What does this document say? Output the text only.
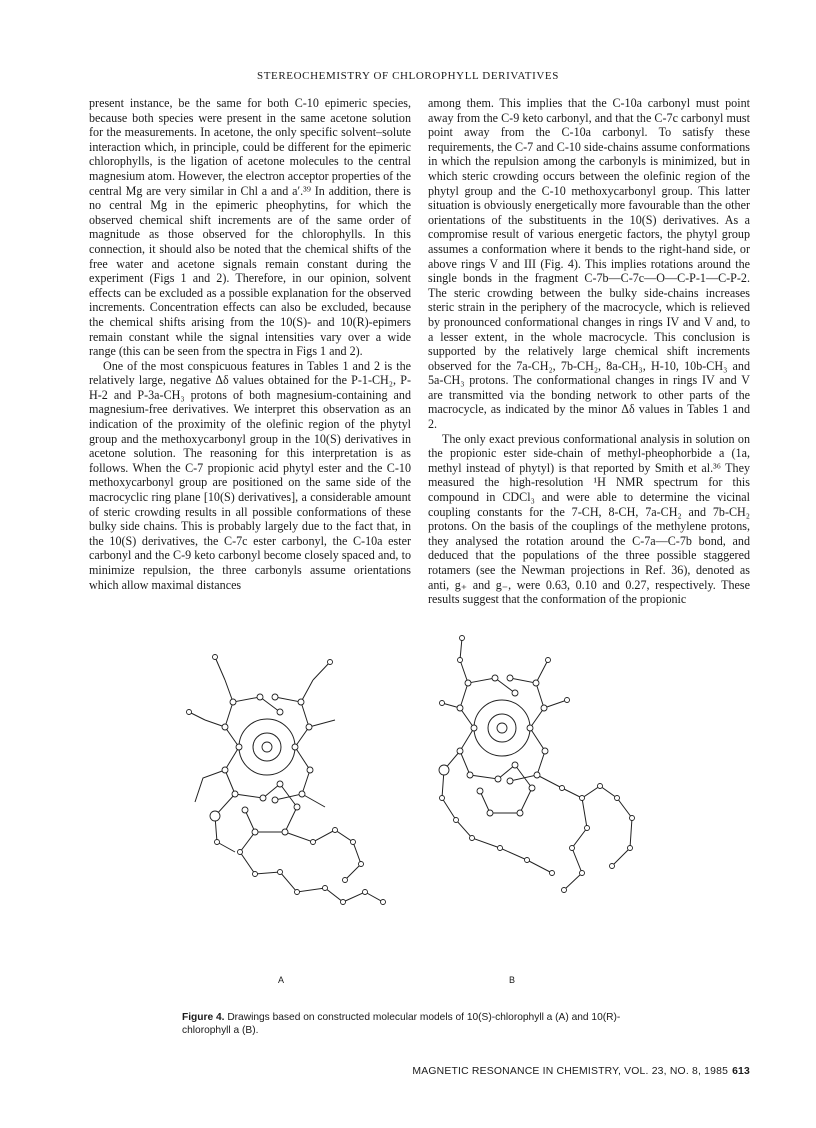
STEREOCHEMISTRY OF CHLOROPHYLL DERIVATIVES

present instance, be the same for both C-10 epimeric species, because both species were present in the same acetone solution for the measurements. In acetone, the only specific solvent–solute interaction which, in principle, could be different for the epimeric chlorophylls, is the ligation of acetone molecules to the central magnesium atom. However, the electron acceptor properties of the central Mg are very similar in Chl a and a′.³⁹ In addition, there is no central Mg in the epimeric pheophytins, for which the observed chemical shift increments are of the same order of magnitude as those observed for the chlorophylls. In this connection, it should also be noted that the chemical shifts of the free water and acetone signals remain constant during the experiment (Figs 1 and 2). Therefore, in our opinion, solvent effects can be excluded as a possible explanation for the observed increments. Concentration effects can also be excluded, because the chemical shifts arising from the 10(S)- and 10(R)-epimers remain constant while the signal intensities vary over a wide range (this can be seen from the spectra in Figs 1 and 2).

One of the most conspicuous features in Tables 1 and 2 is the relatively large, negative Δδ values obtained for the P-1-CH₂, P-H-2 and P-3a-CH₃ protons of both magnesium-containing and magnesium-free derivatives. We interpret this observation as an indication of the proximity of the olefinic region of the phytyl group and the methoxycarbonyl group in the 10(S) derivatives in acetone solution. The reasoning for this interpretation is as follows. When the C-7 propionic acid phytyl ester and the C-10 methoxycarbonyl group are positioned on the same side of the macrocyclic ring plane [10(S) derivatives], a considerable amount of steric crowding results in all possible conformations of these bulky side chains. This is probably largely due to the fact that, in the 10(S) derivatives, the C-7c ester carbonyl, the C-10a ester carbonyl and the C-9 keto carbonyl become closely spaced and, to minimize repulsion, the three carbonyls assume orientations which allow maximal distances

among them. This implies that the C-10a carbonyl must point away from the C-9 keto carbonyl, and that the C-7c carbonyl must point away from the C-10a carbonyl. To satisfy these requirements, the C-7 and C-10 side-chains assume conformations in which the repulsion among the carbonyls is minimized, but in which steric crowding occurs between the olefinic region of the phytyl group and the C-10 methoxycarbonyl group. This latter situation is obviously energetically more favourable than the other orientations of the substituents in the 10(S) derivatives. As a compromise result of various energetic factors, the phytyl group assumes a conformation where it bends to the right-hand side, or above rings V and III (Fig. 4). This implies rotations around the single bonds in the fragment C-7b—C-7c—O—C-P-1—C-P-2. The steric crowding between the bulky side-chains increases steric strain in the periphery of the macrocycle, which is relieved by pronounced conformational changes in rings IV and V and, to a lesser extent, in the whole macrocycle. This conclusion is supported by the relatively large chemical shift increments observed for the 7a-CH₂, 7b-CH₂, 8a-CH₃, H-10, 10b-CH₃ and 5a-CH₃ protons. The conformational changes in rings IV and V are transmitted via the bonding network to other parts of the macrocycle, as indicated by the minor Δδ values in Tables 1 and 2.

The only exact previous conformational analysis in solution on the propionic ester side-chain of methyl-pheophorbide a (1a, methyl instead of phytyl) is that reported by Smith et al.³⁶ They measured the high-resolution ¹H NMR spectrum for this compound in CDCl₃ and were able to determine the vicinal coupling constants for the 7-CH, 8-CH, 7a-CH₂ and 7b-CH₂ protons. On the basis of the couplings of the methylene protons, they analysed the rotation around the C-7a—C-7b bond, and deduced that the populations of the three possible staggered rotamers (see the Newman projections in Ref. 36), denoted as anti, g₊ and g₋, were 0.63, 0.10 and 0.27, respectively. These results suggest that the conformation of the propionic

A	B
Figure 4. Drawings based on constructed molecular models of 10(S)-chlorophyll a (A) and 10(R)-chlorophyll a (B).
MAGNETIC RESONANCE IN CHEMISTRY, VOL. 23, NO. 8, 1985 613
